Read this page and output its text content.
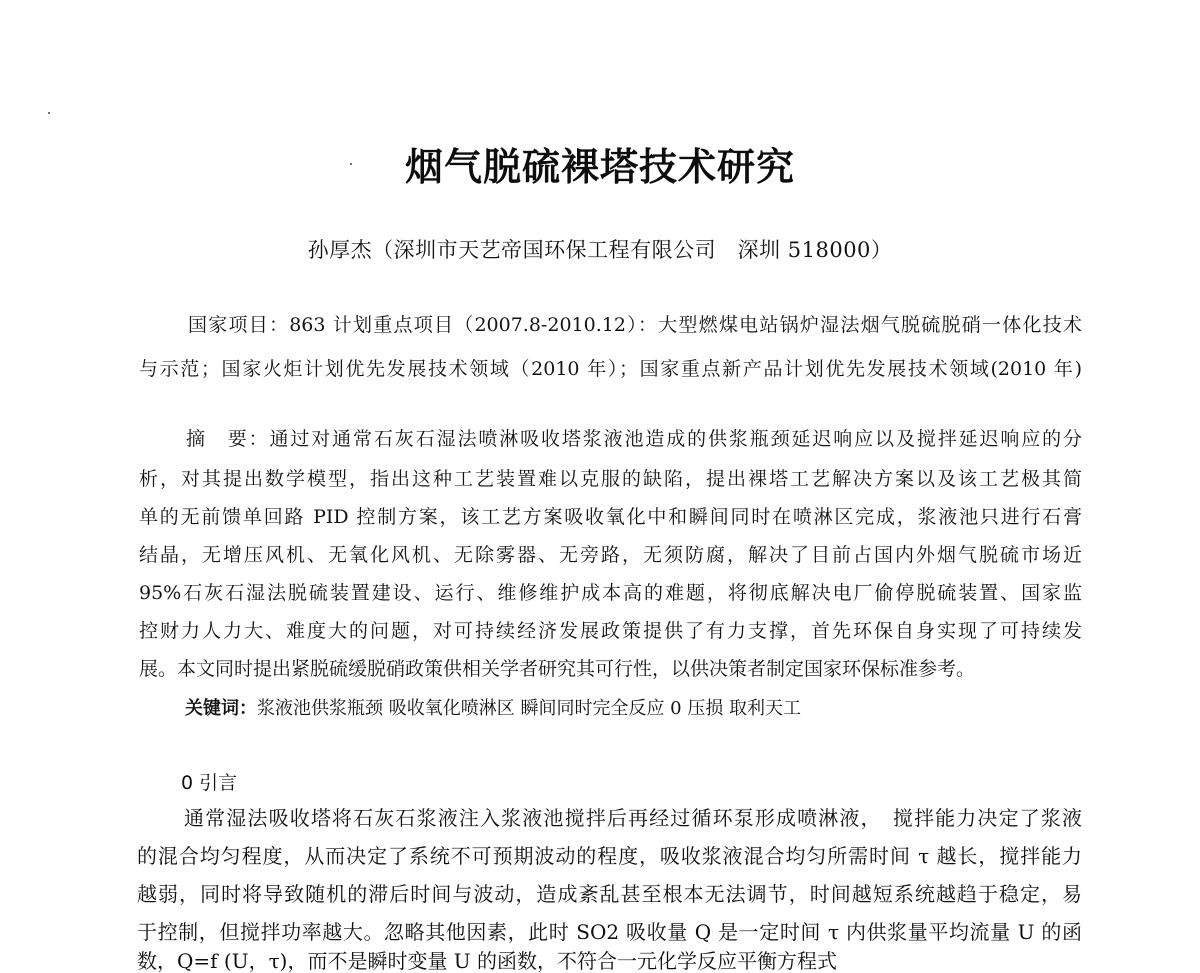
烟气脱硫裸塔技术研究
孙厚杰（深圳市天艺帝国环保工程有限公司　深圳 518000）
国家项目：863 计划重点项目（2007.8-2010.12）：大型燃煤电站锅炉湿法烟气脱硫脱硝一体化技术
与示范；国家火炬计划优先发展技术领域（2010 年）；国家重点新产品计划优先发展技术领域(2010 年)
摘　要：通过对通常石灰石湿法喷淋吸收塔浆液池造成的供浆瓶颈延迟响应以及搅拌延迟响应的分
析，对其提出数学模型，指出这种工艺装置难以克服的缺陷，提出裸塔工艺解决方案以及该工艺极其简
单的无前馈单回路 PID 控制方案，该工艺方案吸收氧化中和瞬间同时在喷淋区完成，浆液池只进行石膏
结晶，无增压风机、无氧化风机、无除雾器、无旁路，无须防腐，解决了目前占国内外烟气脱硫市场近
95%石灰石湿法脱硫装置建设、运行、维修维护成本高的难题，将彻底解决电厂偷停脱硫装置、国家监
控财力人力大、难度大的问题，对可持续经济发展政策提供了有力支撑，首先环保自身实现了可持续发
展。本文同时提出紧脱硫缓脱硝政策供相关学者研究其可行性，以供决策者制定国家环保标准参考。
关键词：浆液池供浆瓶颈 吸收氧化喷淋区 瞬间同时完全反应 0 压损 取利天工
0 引言
通常湿法吸收塔将石灰石浆液注入浆液池搅拌后再经过循环泵形成喷淋液，　搅拌能力决定了浆液
的混合均匀程度，从而决定了系统不可预期波动的程度，吸收浆液混合均匀所需时间 τ 越长，搅拌能力
越弱，同时将导致随机的滞后时间与波动，造成紊乱甚至根本无法调节，时间越短系统越趋于稳定，易
于控制，但搅拌功率越大。忽略其他因素，此时 SO2 吸收量 Q 是一定时间 τ 内供浆量平均流量 U 的函
数，Q=f (U，τ)，而不是瞬时变量 U 的函数，不符合一元化学反应平衡方程式
